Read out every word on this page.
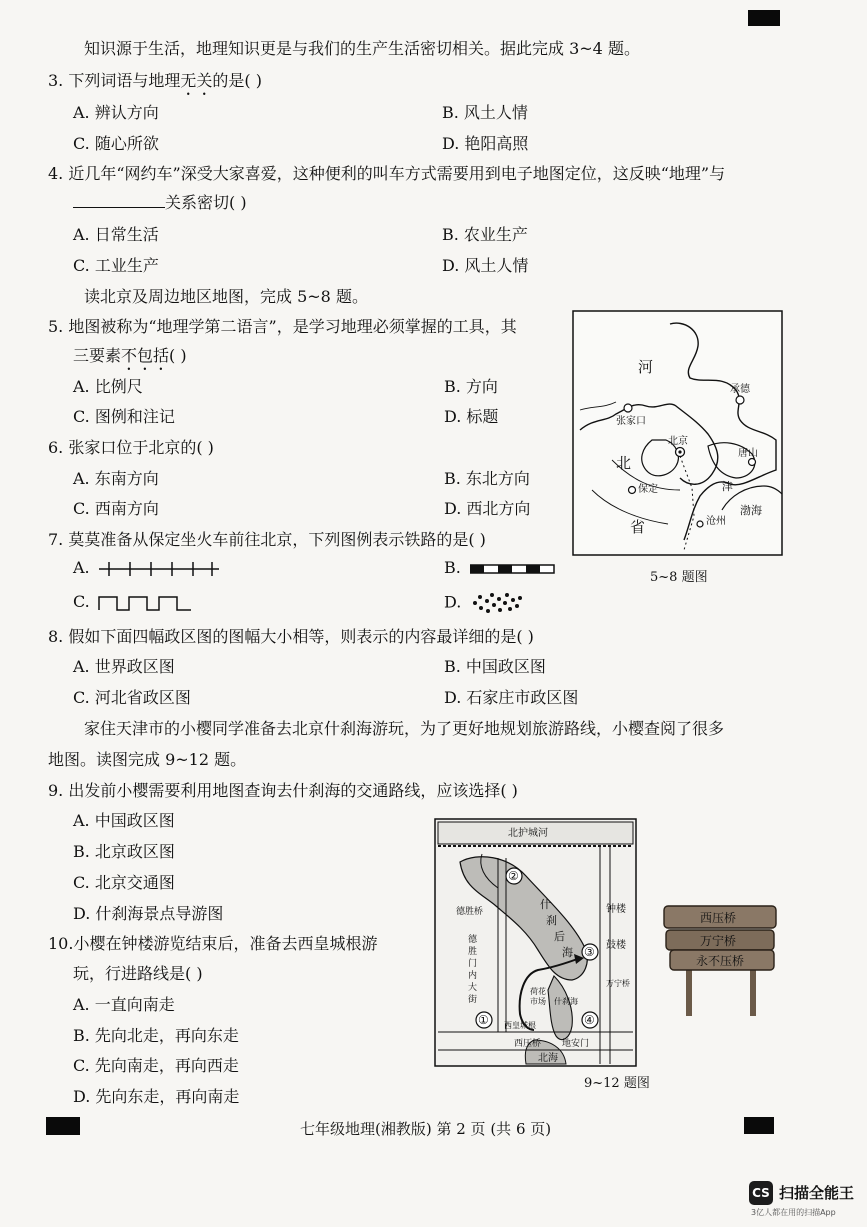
知识源于生活，地理知识更是与我们的生产生活密切相关。据此完成 3~4 题。
3. 下列词语与地理无关的是( )
A. 辨认方向	B. 风土人情
C. 随心所欲	D. 艳阳高照
4. 近几年“网约车”深受大家喜爱，这种便利的叫车方式需要用到电子地图定位，这反映“地理”与
关系密切( )
A. 日常生活	B. 农业生产
C. 工业生产	D. 风土人情
读北京及周边地区地图，完成 5~8 题。
5. 地图被称为“地理学第二语言”，是学习地理必须掌握的工具，其
三要素不包括( )
A. 比例尺	B. 方向
C. 图例和注记	D. 标题
6. 张家口位于北京的( )
A. 东南方向	B. 东北方向
C. 西南方向	D. 西北方向
7. 莫莫准备从保定坐火车前往北京，下列图例表示铁路的是( )
A.	B.
C.	D.
河
北
省
承德
张家口
北京
唐山
保定	津
沧州
渤海
5~8 题图
8. 假如下面四幅政区图的图幅大小相等，则表示的内容最详细的是( )
A. 世界政区图	B. 中国政区图
C. 河北省政区图	D. 石家庄市政区图
家住天津市的小樱同学准备去北京什刹海游玩，为了更好地规划旅游路线，小樱查阅了很多
地图。读图完成 9~12 题。
9. 出发前小樱需要利用地图查询去什刹海的交通路线，应该选择( )
A. 中国政区图
B. 北京政区图
C. 北京交通图
D. 什刹海景点导游图
10.小樱在钟楼游览结束后，准备去西皇城根游
玩，行进路线是( )
A. 一直向南走
B. 先向北走，再向东走
C. 先向南走，再向西走
D. 先向东走，再向南走
北护城河
②
③
①	④
德胜桥	钟楼
鼓楼
什
刹
后
海
德
胜
门
内
大
街
荷花
市场 什刹海
万宁桥
西皇城根
西压桥 地安门
北海
9~12 题图
西压桥
万宁桥
永不压桥
七年级地理(湘教版) 第 2 页 (共 6 页)
CS 扫描全能王
3亿人都在用的扫描App
